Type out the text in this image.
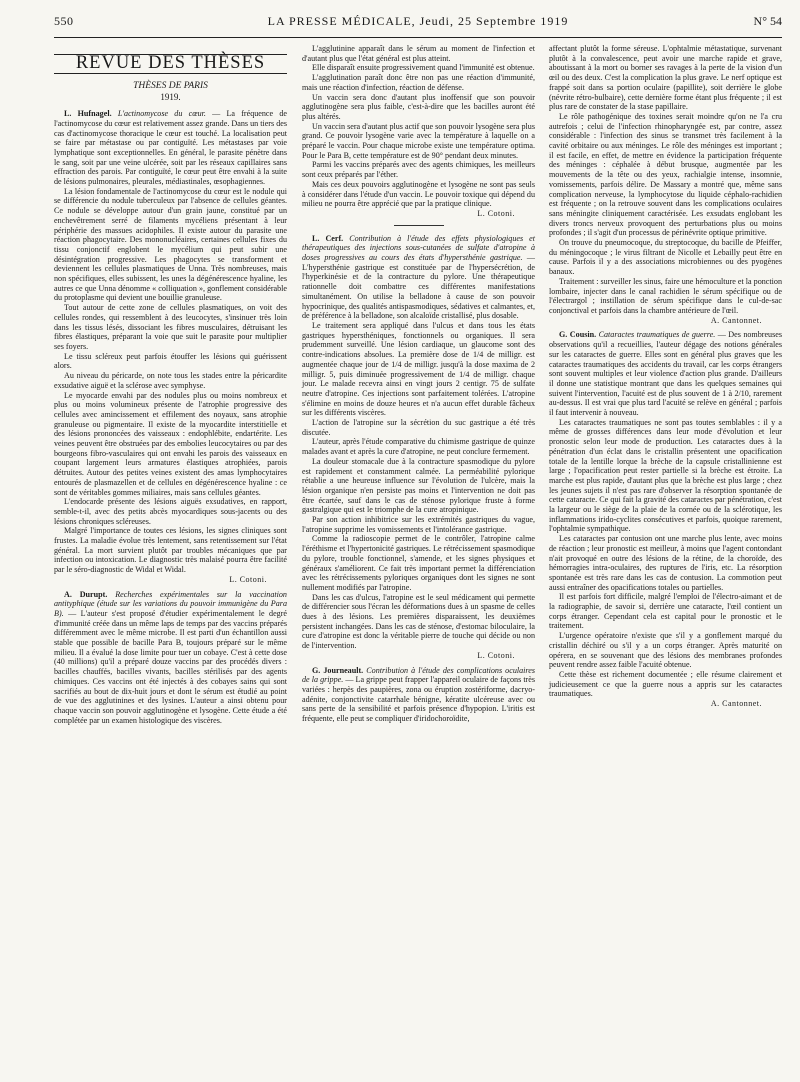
550	LA PRESSE MÉDICALE, Jeudi, 25 Septembre 1919	N° 54
REVUE DES THÈSES
THÈSES DE PARIS
1919.

L. Hufnagel. L'actinomycose du cœur. — La fréquence de l'actinomycose du cœur est relativement assez grande. Dans un tiers des cas d'actinomycose thoracique le cœur est touché. La localisation peut se faire par métastase ou par contiguïté. Les métastases par voie lymphatique sont exceptionnelles. En général, le parasite pénètre dans le sang, soit par une veine ulcérée, soit par les réseaux capillaires sans effraction des parois. Par contiguïté, le cœur peut être envahi à la suite de lésions pulmonaires, pleurales, médiastinales, œsophagiennes.

La lésion fondamentale de l'actinomycose du cœur est le nodule qui se différencie du nodule tuberculeux par l'absence de cellules géantes. Ce nodule se développe autour d'un grain jaune, constitué par un enchevêtrement serré de filaments mycéliens présentant à leur périphérie des massues acidophiles. Il existe autour du parasite une réaction phagocytaire. Des mononucléaires, certaines cellules fixes du tissu conjonctif englobent le mycélium qui peut subir une désintégration progressive. Les phagocytes se transforment et deviennent les cellules plasmatiques de Unna. Très nombreuses, mais non spécifiques, elles subissent, les unes la dégénérescence hyaline, les autres ce que Unna dénomme « colliquation », gonflement considérable du protoplasme qui devient une bouillie granuleuse.

Tout autour de cette zone de cellules plasmatiques, on voit des cellules rondes, qui ressemblent à des leucocytes, s'insinuer très loin dans les tissus lésés, dissociant les fibres musculaires, détruisant les fibres élastiques, préparant la voie que suit le parasite pour multiplier ses foyers.

Le tissu scléreux peut parfois étouffer les lésions qui guérissent alors.

Au niveau du péricarde, on note tous les stades entre la péricardite exsudative aiguë et la sclérose avec symphyse.

Le myocarde envahi par des nodules plus ou moins nombreux et plus ou moins volumineux présente de l'atrophie progressive des cellules avec amincissement et effilement des noyaux, sans atrophie granuleuse ou pigmentaire. Il existe de la myocardite interstitielle et des lésions prononcées des vaisseaux : endophlébite, endartérite. Les veines peuvent être obstruées par des embolies leucocytaires ou par des bourgeons fibro-vasculaires qui ont envahi les parois des vaisseaux en coupant largement leurs armatures élastiques atrophiées, parois détruites. Autour des petites veines existent des amas lymphocytaires entourés de plasmazellen et de cellules en dégénérescence hyaline : ce sont de véritables gommes miliaires, mais sans cellules géantes.

L'endocarde présente des lésions aiguës exsudatives, en rapport, semble-t-il, avec des petits abcès myocardiques sous-jacents ou des lésions chroniques scléreuses.

Malgré l'importance de toutes ces lésions, les signes cliniques sont frustes. La maladie évolue très lentement, sans retentissement sur l'état général. La mort survient plutôt par troubles mécaniques que par infection ou intoxication. Le diagnostic très malaisé pourra être facilité par le séro-diagnostic de Widal et Widal.

L. Cotoni.

A. Durupt. Recherches expérimentales sur la vaccination antityphique (étude sur les variations du pouvoir immunigène du Para B). — L'auteur s'est proposé d'étudier expérimentalement le degré d'immunité créée dans un même laps de temps par des vaccins préparés différemment avec le même microbe. Il est parti d'un échantillon aussi stable que possible de bacille Para B, toujours préparé sur le même milieu. Il a évalué la dose limite pour tuer un cobaye. C'est à cette dose (40 millions) qu'il a préparé douze vaccins par des procédés divers : bacilles chauffés, bacilles vivants, bacilles stérilisés par des agents chimiques. Ces vaccins ont été injectés à des cobayes sains qui sont sacrifiés au bout de dix-huit jours et dont le sérum est étudié au point de vue des agglutinines et des lysines. L'auteur a ainsi obtenu pour chaque vaccin son pouvoir agglutinogène et lysogène. Cette étude a été complétée par un examen histologique des viscères.

L'agglutinine apparaît dans le sérum au moment de l'infection et d'autant plus que l'état général est plus atteint.

Elle disparaît ensuite progressivement quand l'immunité est obtenue.

L'agglutination paraît donc être non pas une réaction d'immunité, mais une réaction d'infection, réaction de défense.

Un vaccin sera donc d'autant plus inoffensif que son pouvoir agglutinogène sera plus faible, c'est-à-dire que les bacilles auront été plus altérés.

Un vaccin sera d'autant plus actif que son pouvoir lysogène sera plus grand. Ce pouvoir lysogène varie avec la température à laquelle on a préparé le vaccin. Pour chaque microbe existe une température optima. Pour le Para B, cette température est de 90° pendant deux minutes.

Parmi les vaccins préparés avec des agents chimiques, les meilleurs sont ceux préparés par l'éther.

Mais ces deux pouvoirs agglutinogène et lysogène ne sont pas seuls à considérer dans l'étude d'un vaccin. Le pouvoir toxique qui dépend du milieu ne pourra être apprécié que par la pratique clinique.

L. Cotoni.

L. Cerf. Contribution à l'étude des effets physiologiques et thérapeutiques des injections sous-cutanées de sulfate d'atropine à doses progressives au cours des états d'hypersthénie gastrique. — L'hypersthénie gastrique est constituée par de l'hypersécrétion, de l'hyperkinésie et de la contracture du pylore. Une thérapeutique rationnelle doit combattre ces différentes manifestations simultanément. On utilise la belladone à cause de son pouvoir hypocrinique, des qualités antispasmodiques, sédatives et calmantes, et, de préférence à la belladone, son alcaloïde cristallisé, plus dosable.

Le traitement sera appliqué dans l'ulcus et dans tous les états gastriques hypersthéniques, fonctionnels ou organiques. Il sera prudemment surveillé. Une lésion cardiaque, un glaucome sont des contre-indications absolues. La première dose de 1/4 de milligr. est augmentée chaque jour de 1/4 de milligr. jusqu'à la dose maxima de 2 milligr. 5, puis diminuée progressivement de 1/4 de milligr. chaque jour. Le malade recevra ainsi en vingt jours 2 centigr. 75 de sulfate neutre d'atropine. Ces injections sont parfaitement tolérées. L'atropine s'élimine en moins de douze heures et n'a aucun effet durable fâcheux sur les différents viscères.

L'action de l'atropine sur la sécrétion du suc gastrique a été très discutée.

L'auteur, après l'étude comparative du chimisme gastrique de quinze malades avant et après la cure d'atropine, ne peut conclure fermement.

La douleur stomacale due à la contracture spasmodique du pylore est rapidement et constamment calmée. La perméabilité pylorique rétablie a une heureuse influence sur l'évolution de l'ulcère, mais la lésion organique n'en persiste pas moins et l'intervention ne doit pas être écartée, sauf dans le cas de sténose pylorique fruste à forme gastralgique qui est le triomphe de la cure atropinique.

Par son action inhibitrice sur les extrémités gastriques du vague, l'atropine supprime les vomissements et l'intolérance gastrique.

Comme la radioscopie permet de le contrôler, l'atropine calme l'éréthisme et l'hypertonicité gastriques. Le rétrécissement spasmodique du pylore, trouble fonctionnel, s'amende, et les signes physiques et généraux s'améliorent. Ce fait très important permet la différenciation avec les rétrécissements pyloriques organiques dont les signes ne sont nullement modifiés par l'atropine.

Dans les cas d'ulcus, l'atropine est le seul médicament qui permette de différencier sous l'écran les déformations dues à un spasme de celles dues à des lésions. Les premières disparaissent, les deuxièmes persistent inchangées. Dans les cas de sténose, d'estomac biloculaire, la cure d'atropine est donc la véritable pierre de touche qui décide ou non de l'intervention.

L. Cotoni.

G. Journeault. Contribution à l'étude des complications oculaires de la grippe. — La grippe peut frapper l'appareil oculaire de façons très variées : herpès des paupières, zona ou éruption zostériforme, dacryo-adénite, conjonctivite catarrhale bénigne, kératite ulcéreuse avec ou sans perte de la sensibilité et parfois présence d'hypopion. L'iritis est fréquente, elle peut se compliquer d'iridochoroïdite,

affectant plutôt la forme séreuse. L'ophtalmie métastatique, survenant plutôt à la convalescence, peut avoir une marche rapide et grave, aboutissant à la mort ou borner ses ravages à la perte de la vision d'un œil ou des deux. C'est la complication la plus grave. Le nerf optique est frappé soit dans sa portion oculaire (papillite), soit derrière le globe (névrite rétro-bulbaire), cette dernière forme étant plus fréquente ; il est plus rare de constater de la stase papillaire.

Le rôle pathogénique des toxines serait moindre qu'on ne l'a cru autrefois ; celui de l'infection rhinopharyngée est, par contre, assez considérable : l'infection des sinus se transmet très facilement à la cavité orbitaire ou aux méninges. Le rôle des méninges est important ; il est facile, en effet, de mettre en évidence la participation fréquente des méninges : céphalée à début brusque, augmentée par les mouvements de la tête ou des yeux, rachialgie intense, insomnie, vomissements, parfois délire. De Massary a montré que, même sans complication nerveuse, la lymphocytose du liquide céphalo-rachidien est fréquente ; on la retrouve souvent dans les complications oculaires sans méningite cliniquement caractérisée. Les exsudats englobant les divers troncs nerveux provoquent des perturbations plus ou moins profondes ; il s'agit d'un processus de périnévrite optique primitive.

On trouve du pneumocoque, du streptocoque, du bacille de Pfeiffer, du méningocoque ; le virus filtrant de Nicolle et Lebailly peut être en cause. Parfois il y a des associations microbiennes ou des pyogènes banaux.

Traitement : surveiller les sinus, faire une hémoculture et la ponction lombaire, injecter dans le canal rachidien le sérum spécifique ou de l'électrargol ; instillation de sérum spécifique dans le cul-de-sac conjonctival et parfois dans la chambre antérieure de l'œil.

A. Cantonnet.

G. Cousin. Cataractes traumatiques de guerre. — Des nombreuses observations qu'il a recueillies, l'auteur dégage des notions générales sur les cataractes de guerre. Elles sont en général plus graves que les cataractes traumatiques des accidents du travail, car les corps étrangers sont souvent multiples et leur violence d'action plus grande. D'ailleurs il donne une statistique montrant que dans les quelques semaines qui suivent l'intervention, l'acuité est de plus souvent de 1 à 2/10, rarement au-dessus. Il est vrai que plus tard l'acuité se relève en général ; parfois il faut intervenir à nouveau.

Les cataractes traumatiques ne sont pas toutes semblables : il y a même de grosses différences dans leur mode d'évolution et leur pronostic selon leur mode de production. Les cataractes dues à la pénétration d'un éclat dans le cristallin présentent une opacification totale de la lentille lorque la brèche de la capsule cristallinienne est large ; l'opacification peut rester partielle si la brèche est étroite. La marche est plus rapide, d'autant plus que la brèche est plus large ; chez les jeunes sujets il n'est pas rare d'observer la résorption spontanée de cette cataracte. Ce qui fait la gravité des cataractes par pénétration, c'est la largeur ou le siège de la plaie de la cornée ou de la sclérotique, les inflammations irido-cyclites consécutives et parfois, quoique rarement, l'ophtalmie sympathique.

Les cataractes par contusion ont une marche plus lente, avec moins de réaction ; leur pronostic est meilleur, à moins que l'agent contondant n'ait provoqué en outre des lésions de la rétine, de la choroïde, des hémorragies intra-oculaires, des ruptures de l'iris, etc. La résorption spontanée est très rare dans les cas de contusion. La commotion peut aussi entraîner des opacifications totales ou partielles.

Il est parfois fort difficile, malgré l'emploi de l'électro-aimant et de la radiographie, de savoir si, derrière une cataracte, l'œil contient un corps étranger. Cependant cela est capital pour le pronostic et le traitement.

L'urgence opératoire n'existe que s'il y a gonflement marqué du cristallin déchiré ou s'il y a un corps étranger. Après maturité on opérera, en se souvenant que des lésions des membranes profondes peuvent rendre assez faible l'acuité obtenue.

Cette thèse est richement documentée ; elle résume clairement et judicieusement ce que la guerre nous a appris sur les cataractes traumatiques.

A. Cantonnet.
